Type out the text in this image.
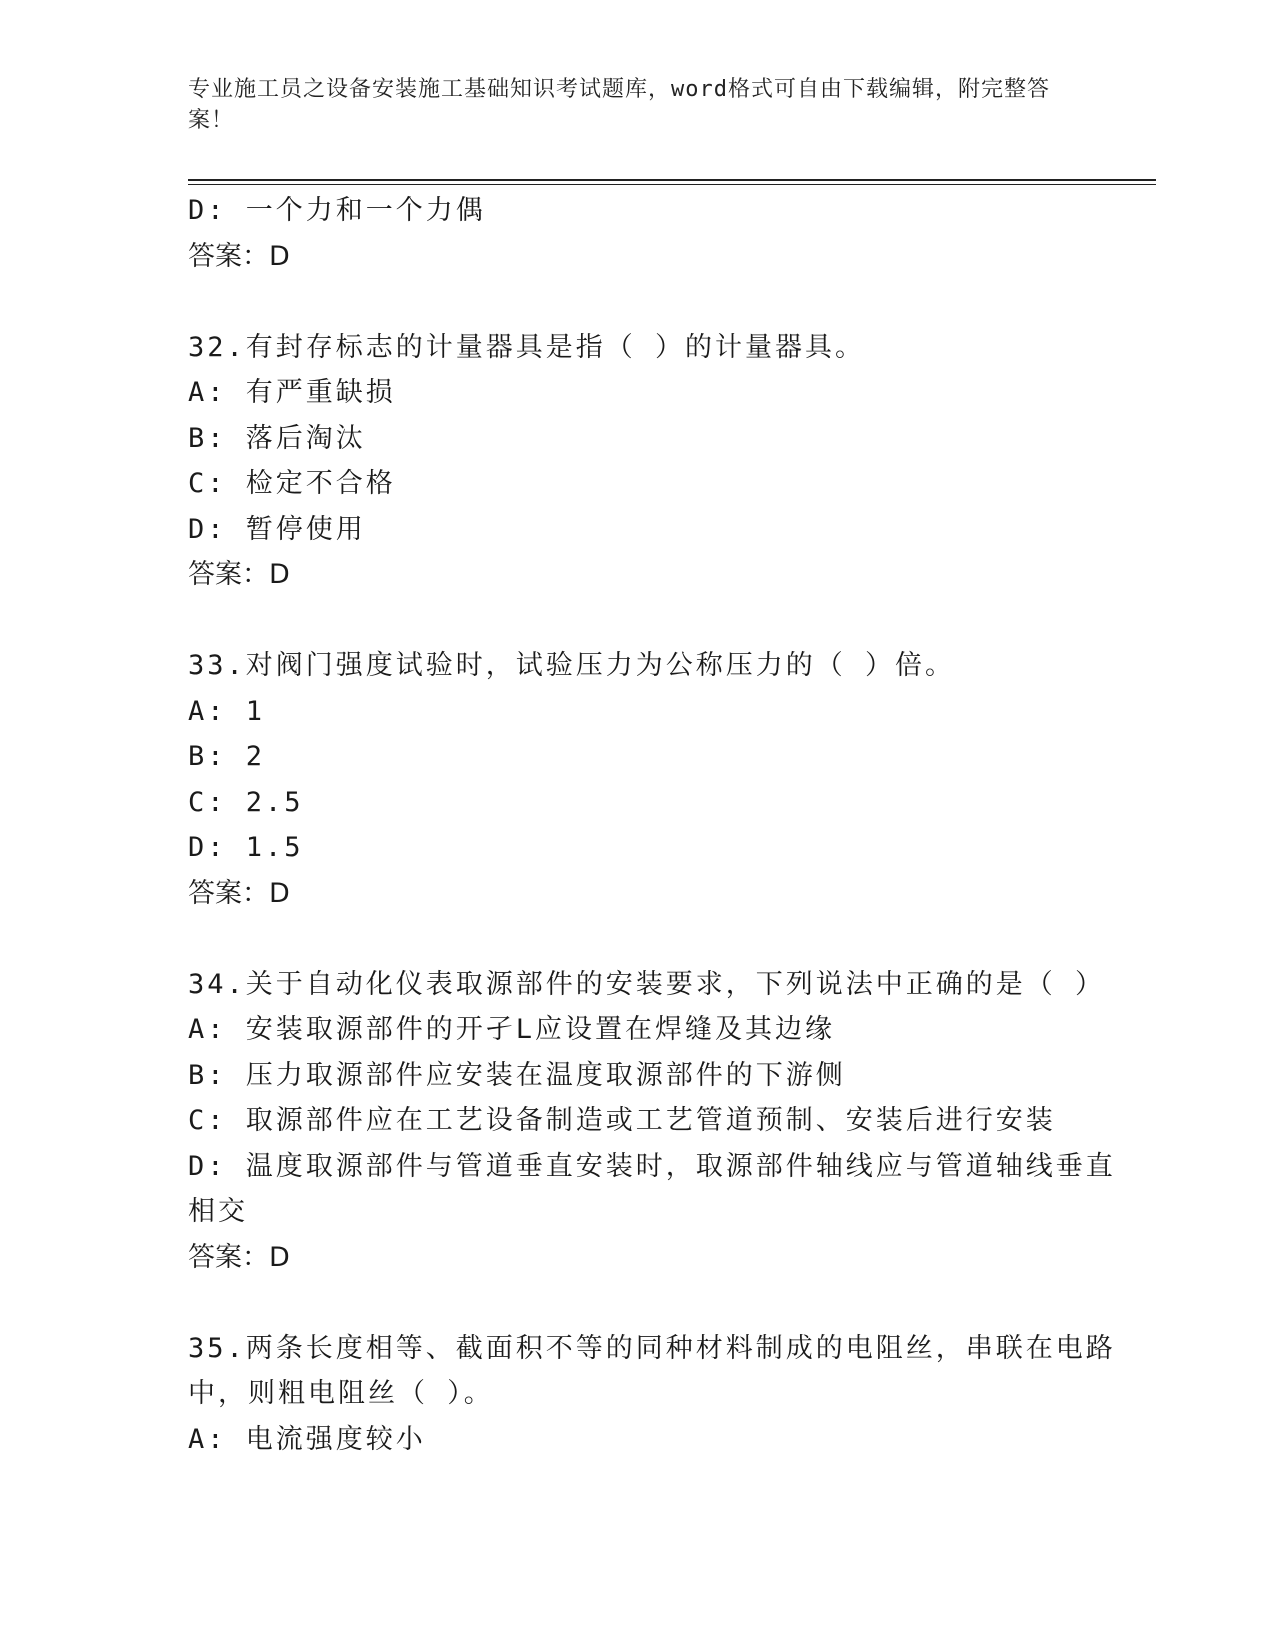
专业施工员之设备安装施工基础知识考试题库，word格式可自由下载编辑，附完整答案！
D: 一个力和一个力偶
答案：D
32.有封存标志的计量器具是指（ ）的计量器具。
A: 有严重缺损
B: 落后淘汰
C: 检定不合格
D: 暂停使用
答案：D
33.对阀门强度试验时，试验压力为公称压力的（ ）倍。
A: 1
B: 2
C: 2.5
D: 1.5
答案：D
34.关于自动化仪表取源部件的安装要求，下列说法中正确的是（ ）
A: 安装取源部件的开孑L应设置在焊缝及其边缘
B: 压力取源部件应安装在温度取源部件的下游侧
C: 取源部件应在工艺设备制造或工艺管道预制、安装后进行安装
D: 温度取源部件与管道垂直安装时，取源部件轴线应与管道轴线垂直
相交
答案：D
35.两条长度相等、截面积不等的同种材料制成的电阻丝，串联在电路
中，则粗电阻丝（ ）。
A: 电流强度较小
